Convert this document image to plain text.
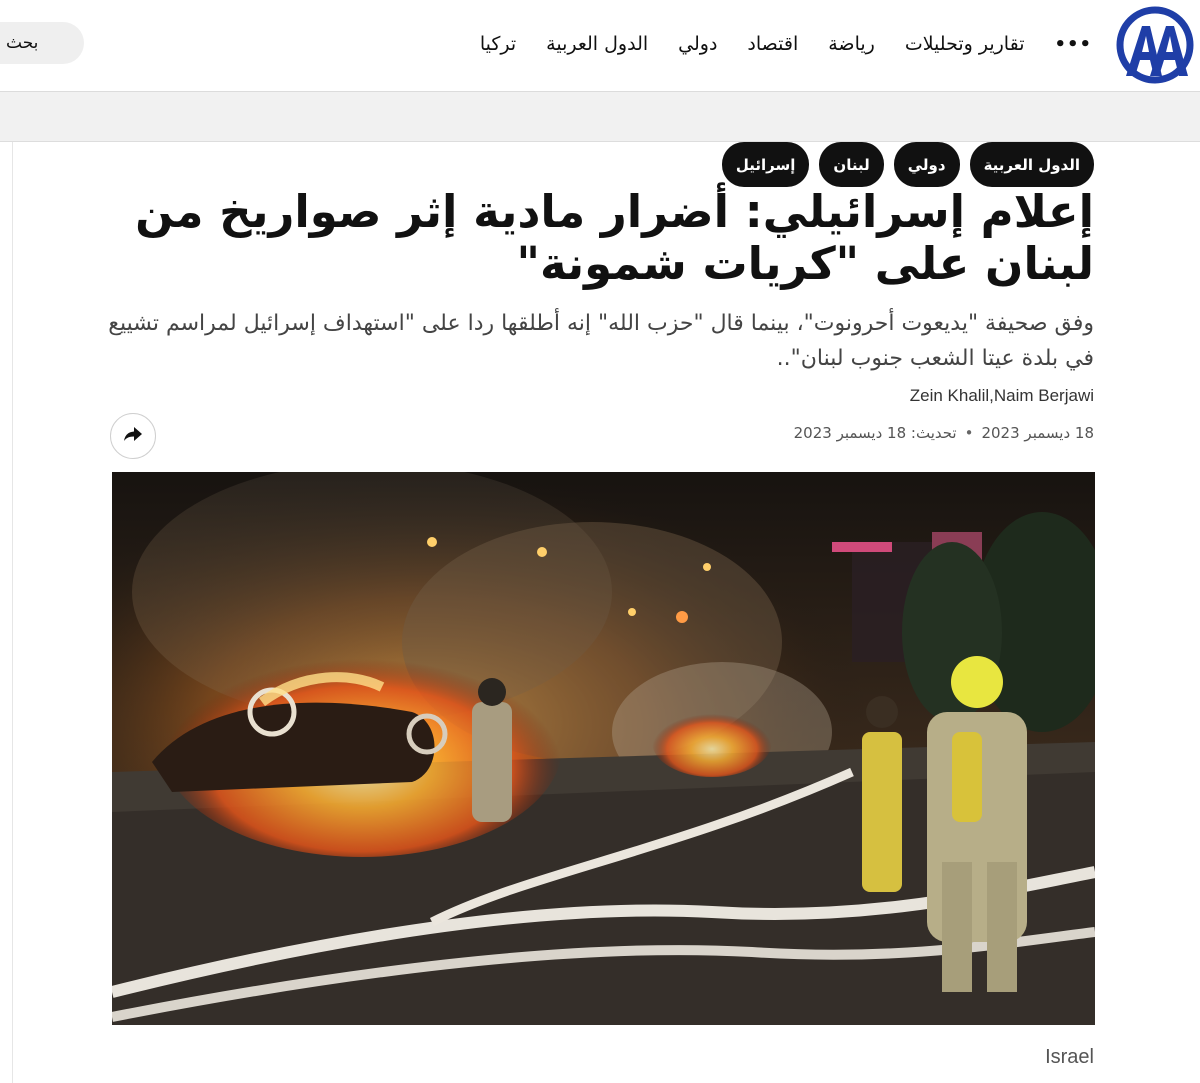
تركيا الدول العربية دولي اقتصاد رياضة تقارير وتحليلات •••
بحث
الدول العربية
دولي
لبنان
إسرائيل
إعلام إسرائيلي: أضرار مادية إثر صواريخ من لبنان على "كريات شمونة"

وفق صحيفة "يديعوت أحرونوت"، بينما قال "حزب الله" إنه أطلقها ردا على "استهداف إسرائيل لمراسم تشييع في بلدة عيتا الشعب جنوب لبنان"..

Zein Khalil,Naim Berjawi
18 ديسمبر 2023
•
تحديث: 18 ديسمبر 2023
Israel
